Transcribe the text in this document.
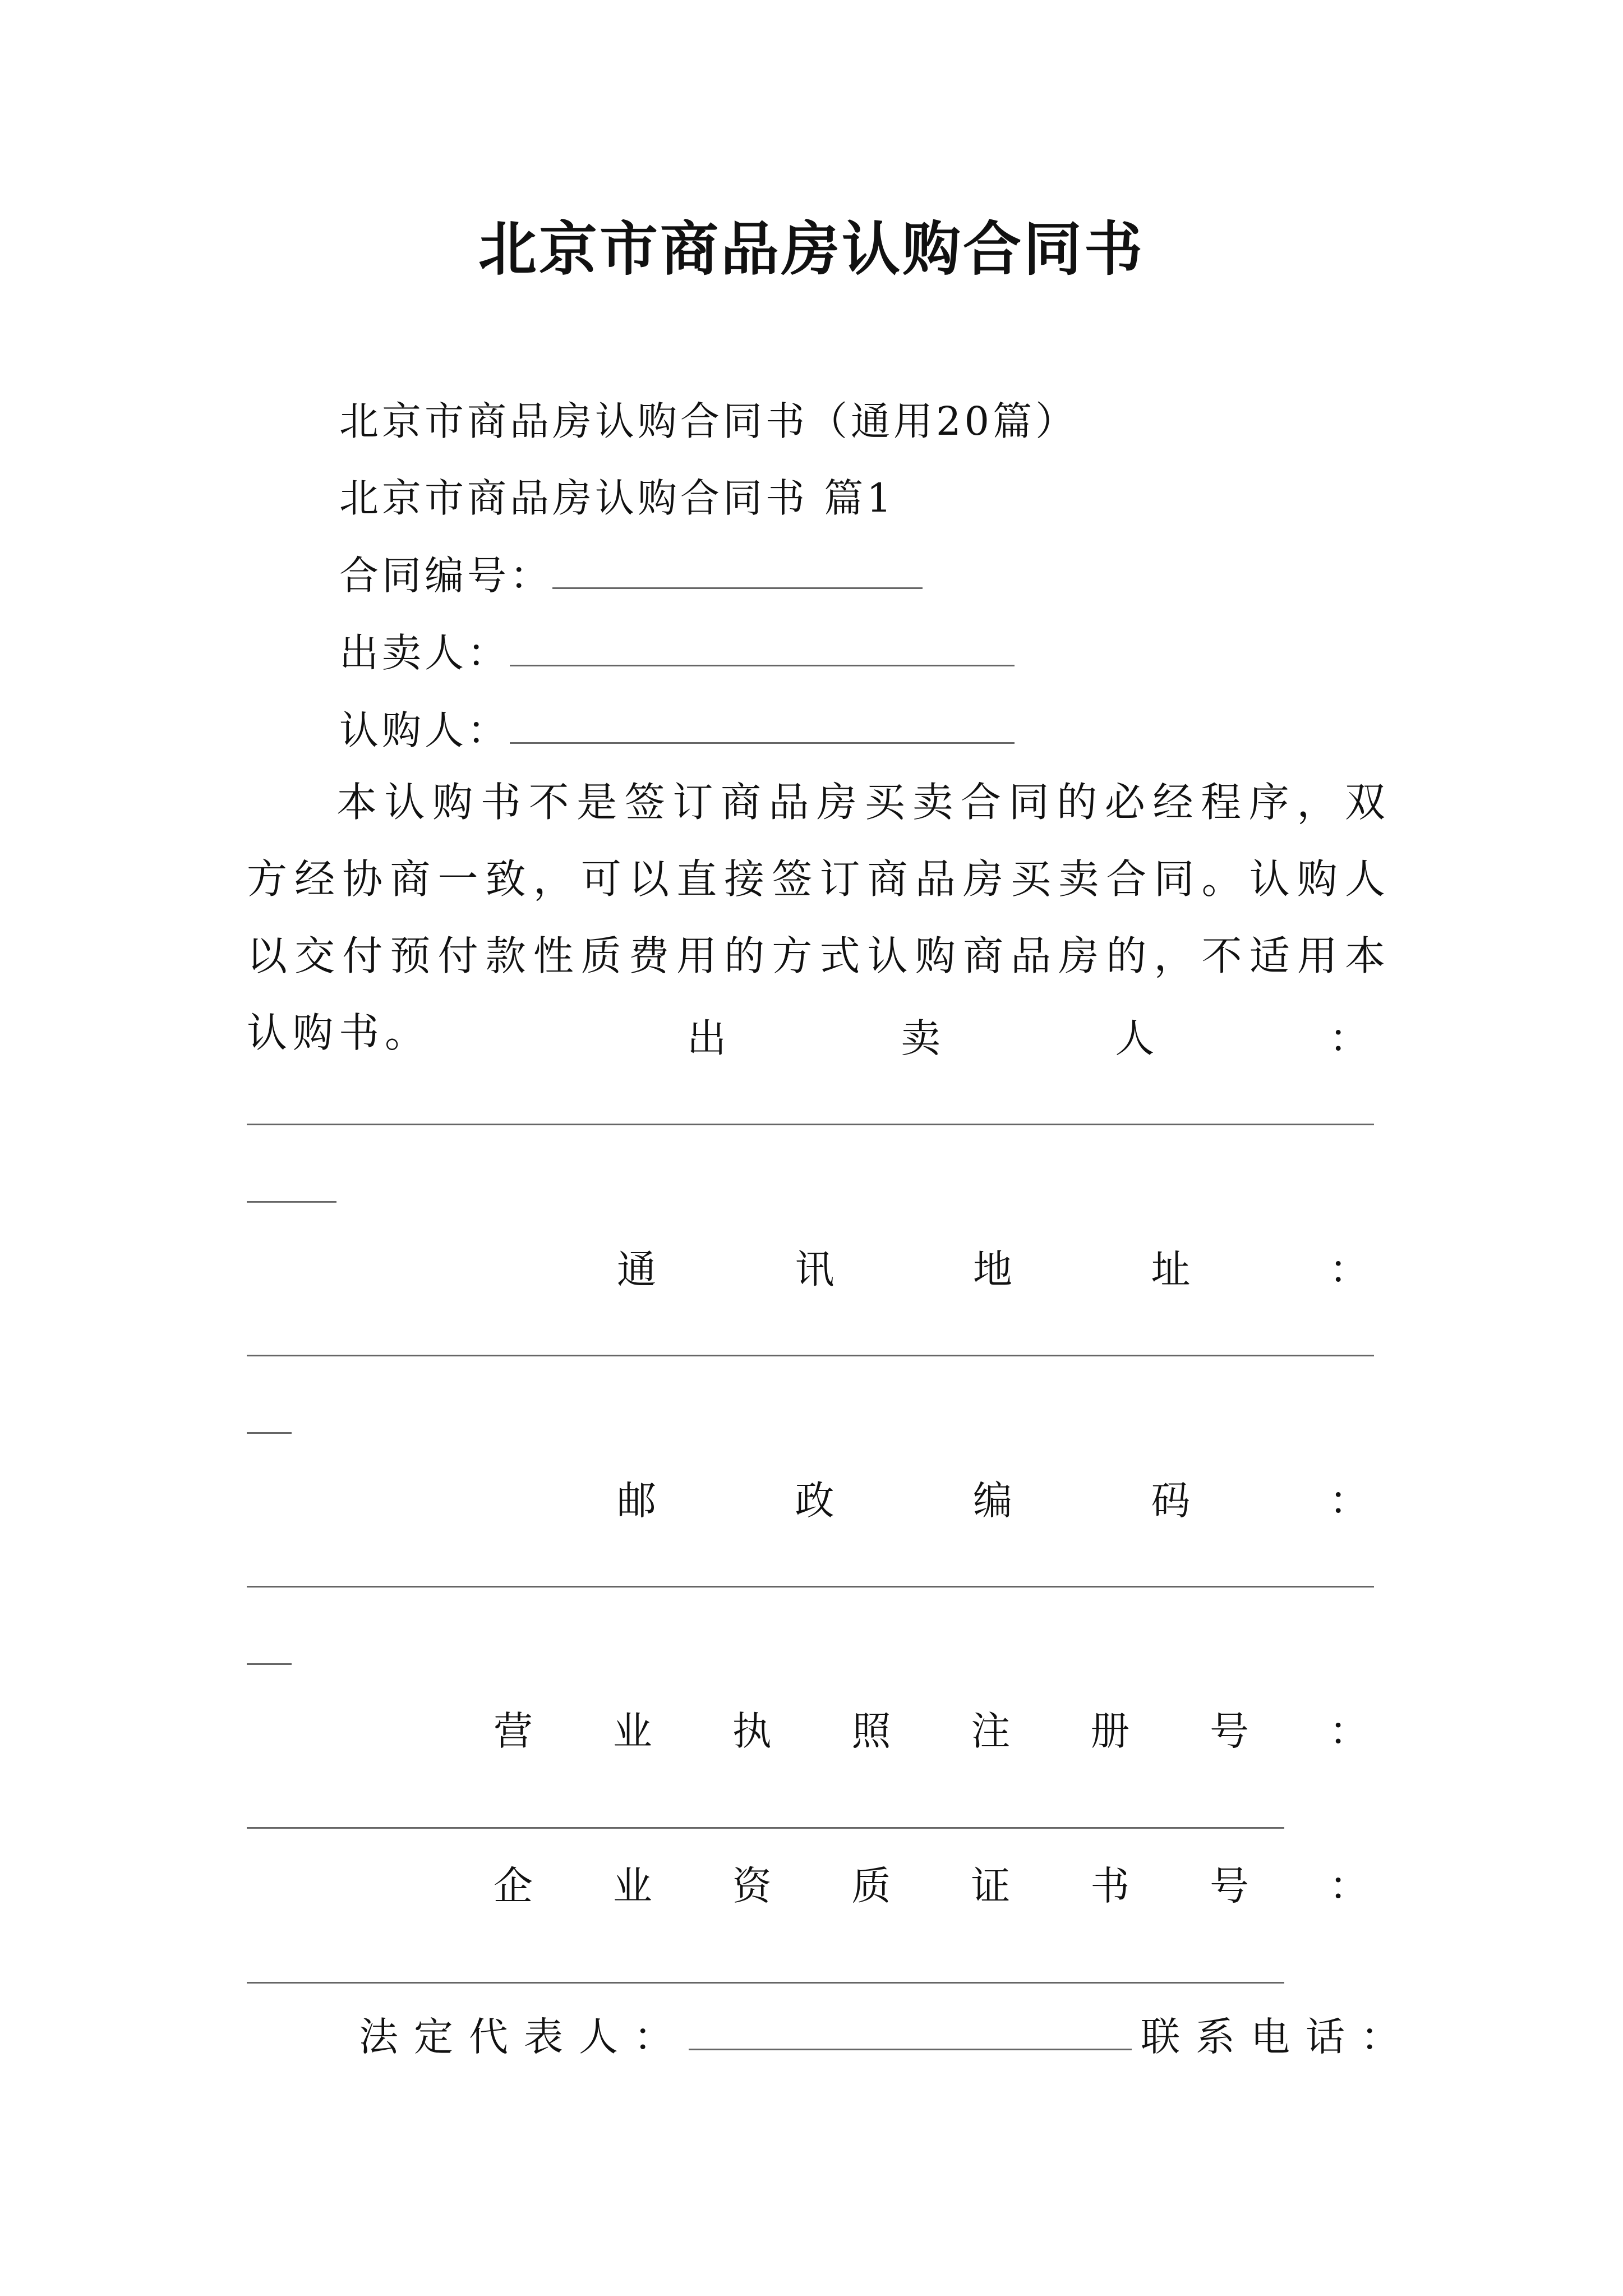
北京市商品房认购合同书
北京市商品房认购合同书（通用20篇）
北京市商品房认购合同书 篇1
合同编号：
出卖人：
认购人：

本认购书不是签订商品房买卖合同的必经程序，双方经协商一致，可以直接签订商品房买卖合同。认购人以交付预付款性质费用的方式认购商品房的，不适用本认购书。	出	卖	人	：
通	讯	地	址	：
邮	政	编	码	：
营 业 执 照 注 册 号 ：
企 业 资 质 证 书 号 ：
法定代表人：	联系电话：
